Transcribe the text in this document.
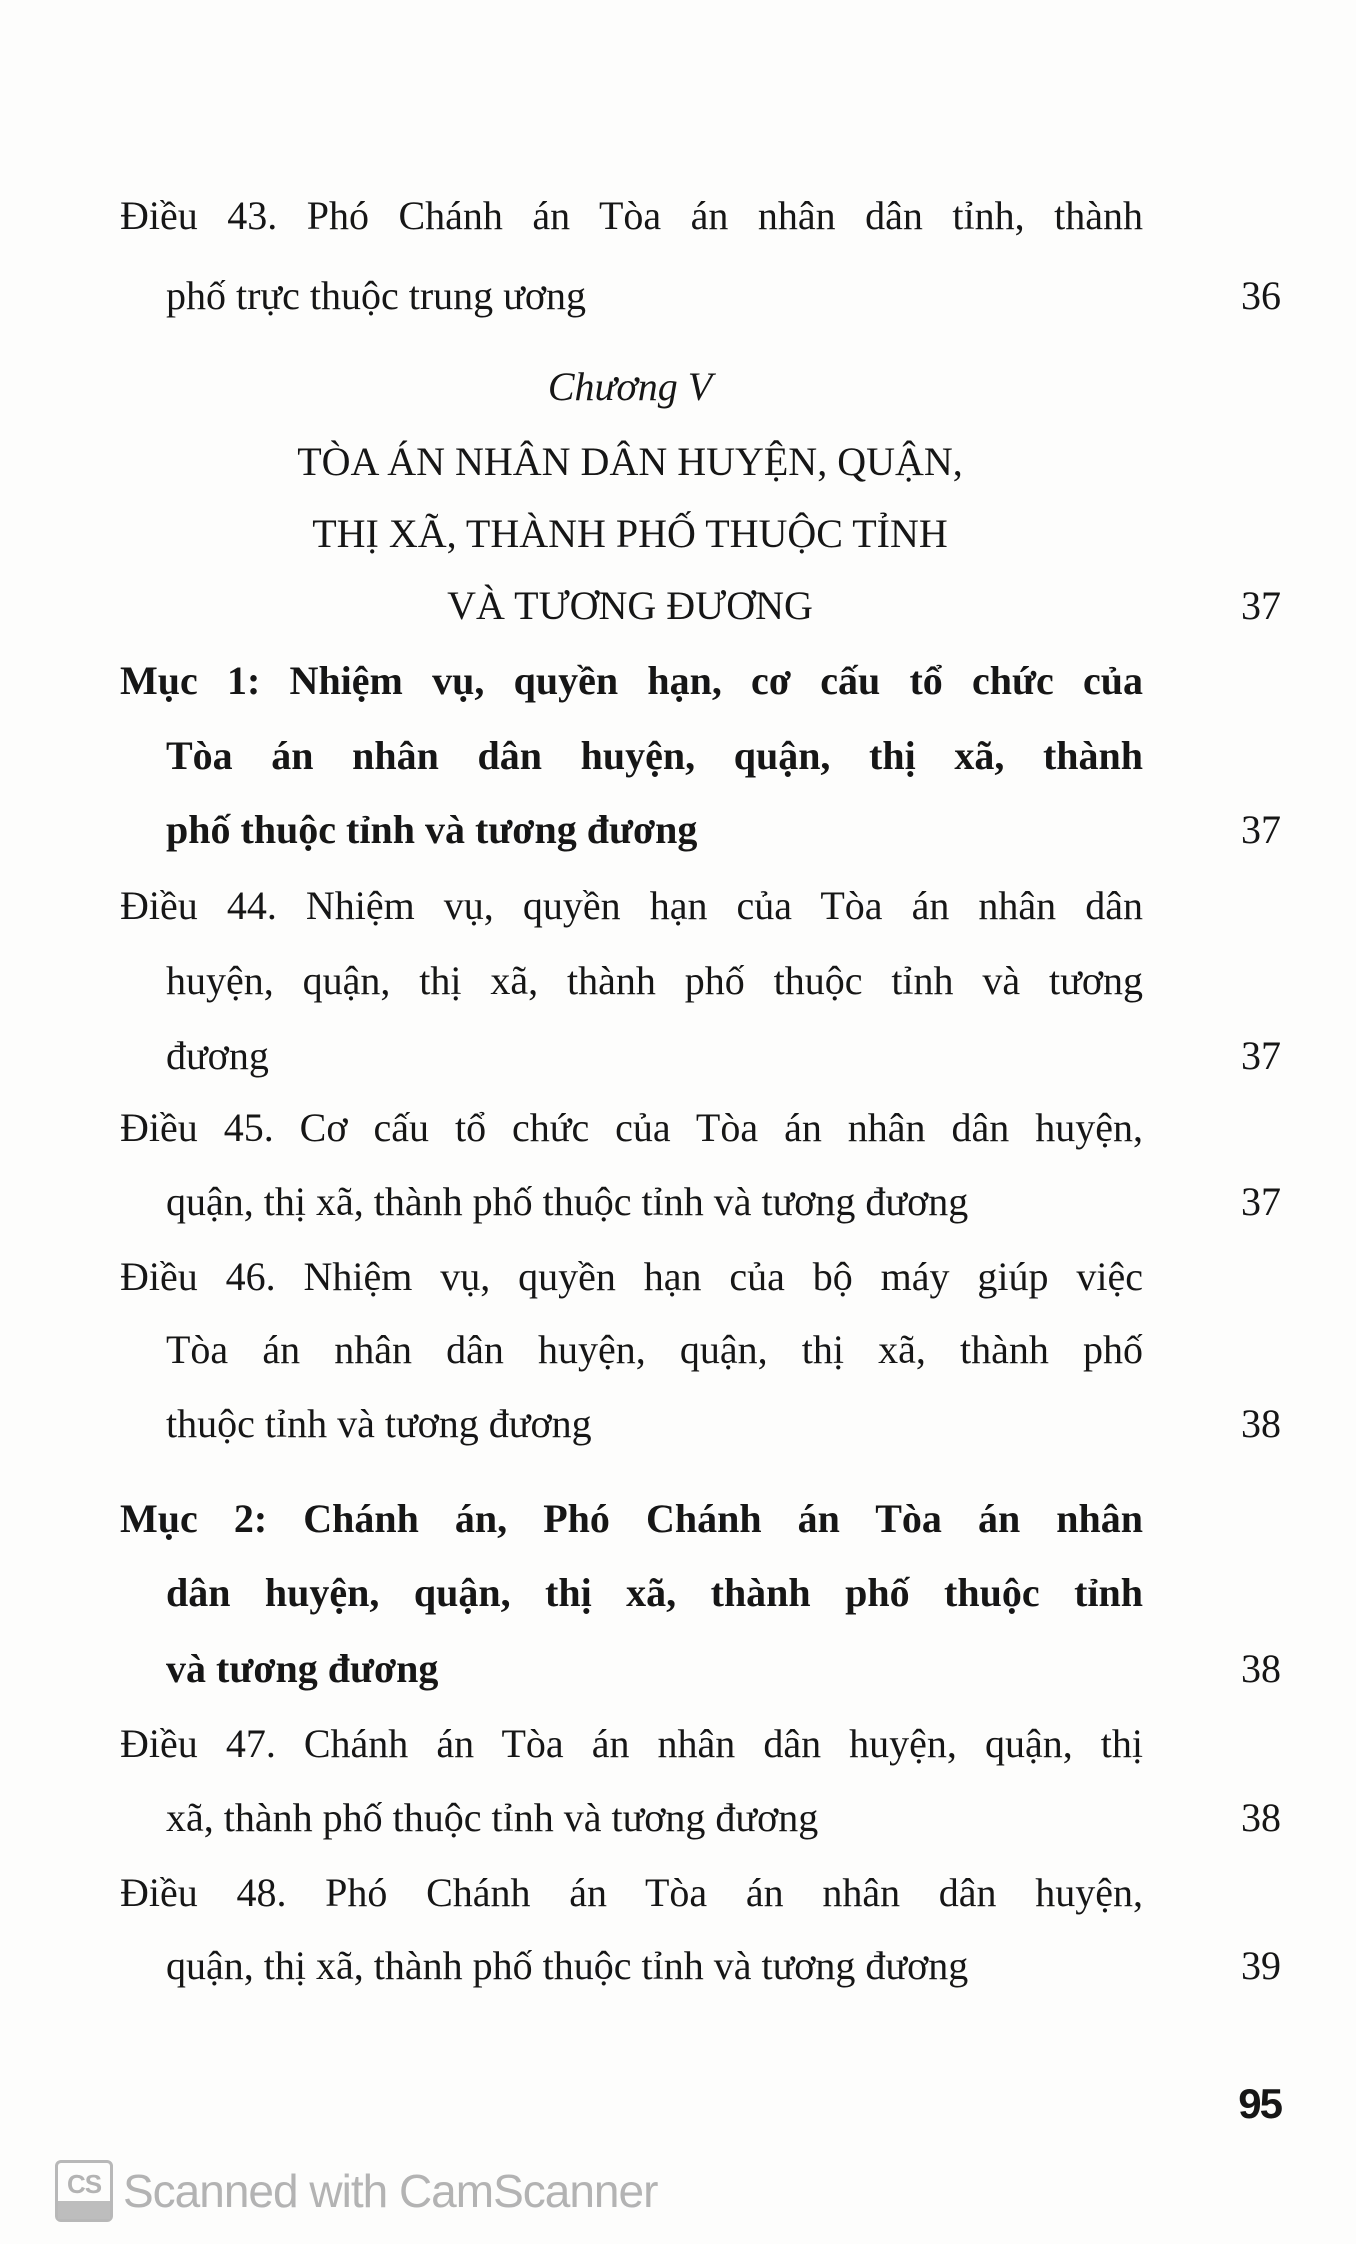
Điều 43. Phó Chánh án Tòa án nhân dân tỉnh, thành
phố trực thuộc trung ương	36
Chương V
TÒA ÁN NHÂN DÂN HUYỆN, QUẬN,
THỊ XÃ, THÀNH PHỐ THUỘC TỈNH
VÀ TƯƠNG ĐƯƠNG	37
Mục 1: Nhiệm vụ, quyền hạn, cơ cấu tổ chức của
Tòa án nhân dân huyện, quận, thị xã, thành
phố thuộc tỉnh và tương đương	37
Điều 44. Nhiệm vụ, quyền hạn của Tòa án nhân dân
huyện, quận, thị xã, thành phố thuộc tỉnh và tương
đương	37
Điều 45. Cơ cấu tổ chức của Tòa án nhân dân huyện,
quận, thị xã, thành phố thuộc tỉnh và tương đương	37
Điều 46. Nhiệm vụ, quyền hạn của bộ máy giúp việc
Tòa án nhân dân huyện, quận, thị xã, thành phố
thuộc tỉnh và tương đương	38
Mục 2: Chánh án, Phó Chánh án Tòa án nhân
dân huyện, quận, thị xã, thành phố thuộc tỉnh
và tương đương	38
Điều 47. Chánh án Tòa án nhân dân huyện, quận, thị
xã, thành phố thuộc tỉnh và tương đương	38
Điều 48. Phó Chánh án Tòa án nhân dân huyện,
quận, thị xã, thành phố thuộc tỉnh và tương đương	39
95
CS Scanned with CamScanner
